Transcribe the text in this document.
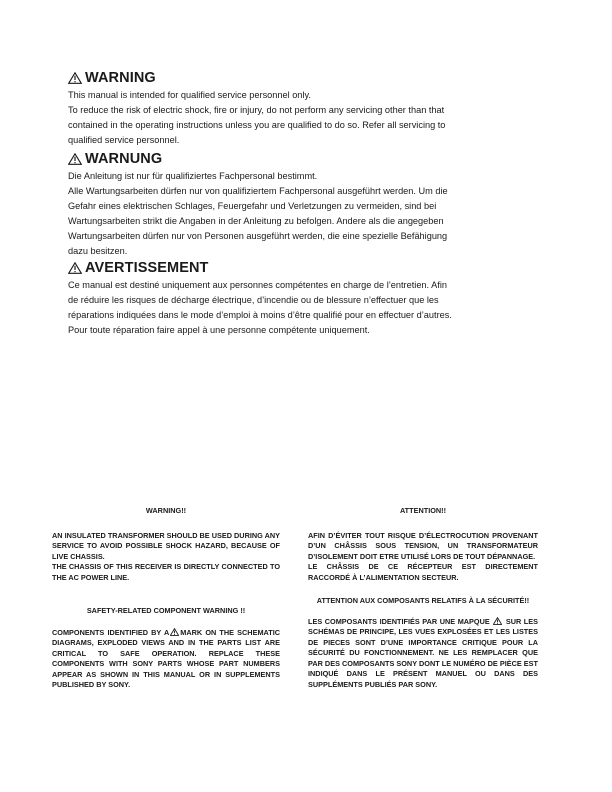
WARNING

This manual is intended for qualified service personnel only.

To reduce the risk of electric shock, fire or injury, do not perform any servicing other than that

contained in the operating instructions unless you are qualified to do so. Refer all servicing to

qualified service personnel.

WARNUNG

Die Anleitung ist nur für qualifiziertes Fachpersonal bestimmt.

Alle Wartungsarbeiten dürfen nur von qualifiziertem Fachpersonal ausgeführt werden. Um die

Gefahr eines elektrischen Schlages, Feuergefahr und Verletzungen zu vermeiden, sind bei

Wartungsarbeiten strikt die Angaben in der Anleitung zu befolgen. Andere als die angegeben

Wartungsarbeiten dürfen nur von Personen ausgeführt werden, die eine spezielle Befähigung

dazu besitzen.

AVERTISSEMENT

Ce manual est destiné uniquement aux personnes compétentes en charge de l’entretien. Afin

de réduire les risques de décharge électrique, d’incendie ou de blessure n’effectuer que les

réparations indiquées dans le mode d’emploi à moins d’être qualifié pour en effectuer d’autres.

Pour toute réparation faire appel à une personne compétente uniquement.

WARNING!!

AN INSULATED TRANSFORMER SHOULD BE USED DURING ANY SERVICE TO AVOID POSSIBLE SHOCK HAZARD, BECAUSE OF LIVE CHASSIS.

THE CHASSIS OF THIS RECEIVER IS DIRECTLY CONNECTED TO THE AC POWER LINE.

SAFETY-RELATED COMPONENT WARNING !!

COMPONENTS IDENTIFIED BY A MARK ON THE SCHEMATIC DIAGRAMS, EXPLODED VIEWS AND IN THE PARTS LIST ARE CRITICAL TO SAFE OPERATION. REPLACE THESE COMPONENTS WITH SONY PARTS WHOSE PART NUMBERS APPEAR AS SHOWN IN THIS MANUAL OR IN SUPPLEMENTS PUBLISHED BY SONY.

ATTENTION!!

AFIN D’ÉVITER TOUT RISQUE D’ÉLECTROCUTION PROVENANT D’UN CHÂSSIS SOUS TENSION, UN TRANSFORMATEUR D’ISOLEMENT DOIT ETRE UTILISÉ LORS DE TOUT DÉPANNAGE.

LE CHÂSSIS DE CE RÉCEPTEUR EST DIRECTEMENT RACCORDÉ À L’ALIMENTATION SECTEUR.

ATTENTION AUX COMPOSANTS RELATIFS À LA SÉCURITÉ!!

LES COMPOSANTS IDENTIFIÉS PAR UNE MAPQUE SUR LES SCHÉMAS DE PRINCIPE, LES VUES EXPLOSÉES ET LES LISTES DE PIECES SONT D’UNE IMPORTANCE CRITIQUE POUR LA SÉCURITÉ DU FONCTIONNEMENT. NE LES REMPLACER QUE PAR DES COMPOSANTS SONY DONT LE NUMÉRO DE PIÈCE EST INDIQUÉ DANS LE PRÉSENT MANUEL OU DANS DES SUPPLÉMENTS PUBLIÉS PAR SONY.
